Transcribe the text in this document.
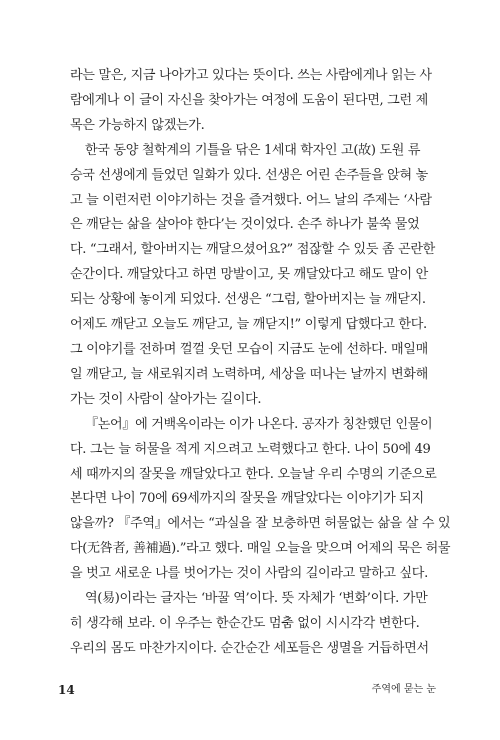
라는 말은, 지금 나아가고 있다는 뜻이다. 쓰는 사람에게나 읽는 사

람에게나 이 글이 자신을 찾아가는 여정에 도움이 된다면, 그런 제

목은 가능하지 않겠는가.

한국 동양 철학계의 기틀을 닦은 1세대 학자인 고(故) 도원 류

승국 선생에게 들었던 일화가 있다. 선생은 어린 손주들을 앉혀 놓

고 늘 이런저런 이야기하는 것을 즐겨했다. 어느 날의 주제는 ‘사람

은 깨닫는 삶을 살아야 한다’는 것이었다. 손주 하나가 불쑥 물었

다. “그래서, 할아버지는 깨달으셨어요?” 점잖할 수 있듯 좀 곤란한

순간이다. 깨달았다고 하면 망발이고, 못 깨달았다고 해도 말이 안

되는 상황에 놓이게 되었다. 선생은 “그럼, 할아버지는 늘 깨닫지.

어제도 깨닫고 오늘도 깨닫고, 늘 깨닫지!” 이렇게 답했다고 한다.

그 이야기를 전하며 껄껄 웃던 모습이 지금도 눈에 선하다. 매일매

일 깨닫고, 늘 새로워지려 노력하며, 세상을 떠나는 날까지 변화해

가는 것이 사람이 살아가는 길이다.

『논어』에 거백옥이라는 이가 나온다. 공자가 칭찬했던 인물이

다. 그는 늘 허물을 적게 지으려고 노력했다고 한다. 나이 50에 49

세 때까지의 잘못을 깨달았다고 한다. 오늘날 우리 수명의 기준으로

본다면 나이 70에 69세까지의 잘못을 깨달았다는 이야기가 되지

않을까? 『주역』에서는 “과실을 잘 보충하면 허물없는 삶을 살 수 있

다(无咎者, 善補過).”라고 했다. 매일 오늘을 맞으며 어제의 묵은 허물

을 벗고 새로운 나를 벗어가는 것이 사람의 길이라고 말하고 싶다.

역(易)이라는 글자는 ‘바꿀 역’이다. 뜻 자체가 ‘변화’이다. 가만

히 생각해 보라. 이 우주는 한순간도 멈춤 없이 시시각각 변한다.

우리의 몸도 마찬가지이다. 순간순간 세포들은 생멸을 거듭하면서

14	주역에 묻는 눈
